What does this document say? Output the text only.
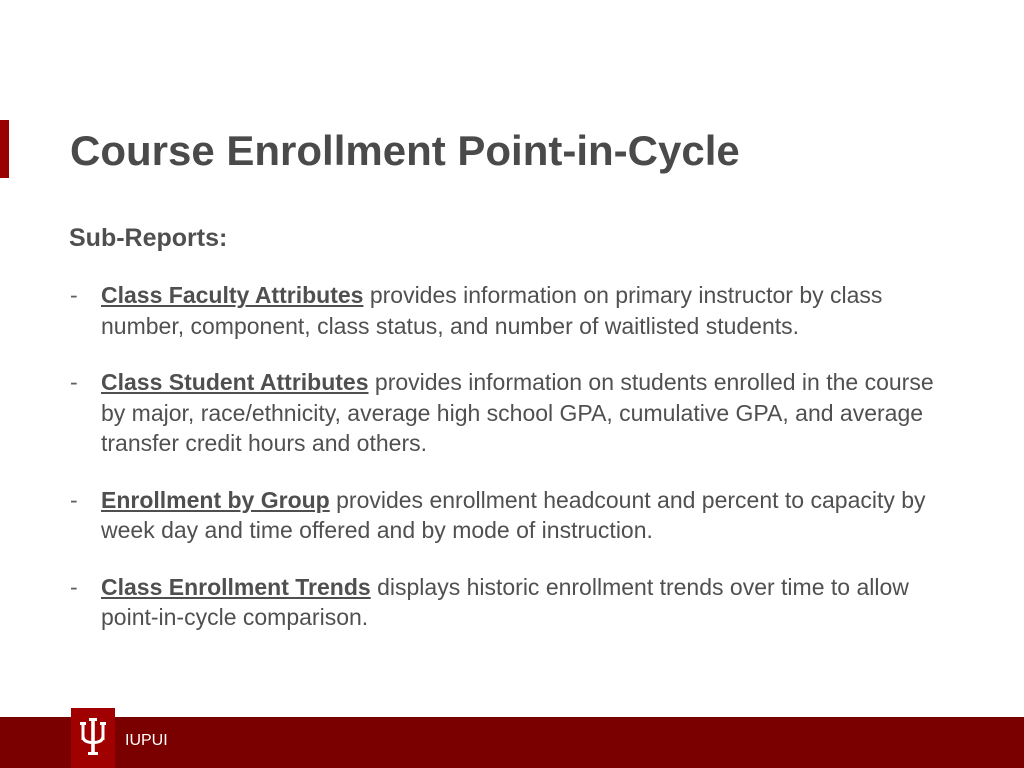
Course Enrollment Point-in-Cycle
Sub-Reports:
- Class Faculty Attributes provides information on primary instructor by class number, component, class status, and number of waitlisted students.
- Class Student Attributes provides information on students enrolled in the course by major, race/ethnicity, average high school GPA, cumulative GPA, and average transfer credit hours and others.
- Enrollment by Group provides enrollment headcount and percent to capacity by week day and time offered and by mode of instruction.
- Class Enrollment Trends displays historic enrollment trends over time to allow point-in-cycle comparison.
IUPUI
